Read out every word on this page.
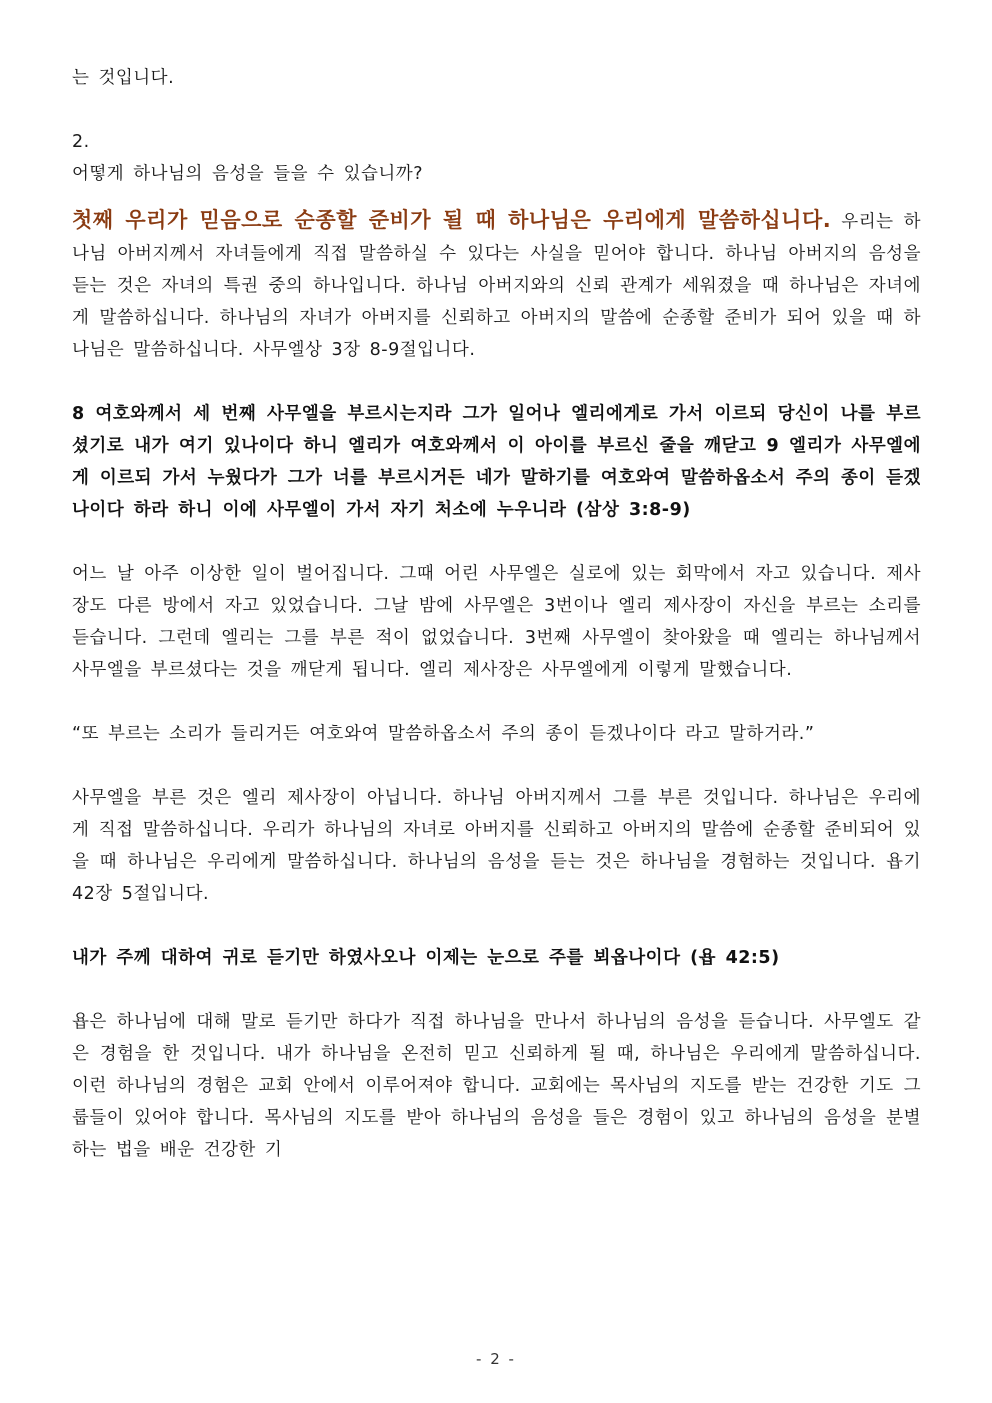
는 것입니다.

2.

어떻게 하나님의 음성을 들을 수 있습니까?

첫째 우리가 믿음으로 순종할 준비가 될 때 하나님은 우리에게 말씀하십니다. 우리는 하나님 아버지께서 자녀들에게 직접 말씀하실 수 있다는 사실을 믿어야 합니다. 하나님 아버지의 음성을 듣는 것은 자녀의 특권 중의 하나입니다. 하나님 아버지와의 신뢰 관계가 세워졌을 때 하나님은 자녀에게 말씀하십니다. 하나님의 자녀가 아버지를 신뢰하고 아버지의 말씀에 순종할 준비가 되어 있을 때 하나님은 말씀하십니다. 사무엘상 3장 8-9절입니다.

8 여호와께서 세 번째 사무엘을 부르시는지라 그가 일어나 엘리에게로 가서 이르되 당신이 나를 부르셨기로 내가 여기 있나이다 하니 엘리가 여호와께서 이 아이를 부르신 줄을 깨닫고 9 엘리가 사무엘에게 이르되 가서 누웠다가 그가 너를 부르시거든 네가 말하기를 여호와여 말씀하옵소서 주의 종이 듣겠나이다 하라 하니 이에 사무엘이 가서 자기 처소에 누우니라 (삼상 3:8-9)

어느 날 아주 이상한 일이 벌어집니다. 그때 어린 사무엘은 실로에 있는 회막에서 자고 있습니다. 제사장도 다른 방에서 자고 있었습니다. 그날 밤에 사무엘은 3번이나 엘리 제사장이 자신을 부르는 소리를 듣습니다. 그런데 엘리는 그를 부른 적이 없었습니다. 3번째 사무엘이 찾아왔을 때 엘리는 하나님께서 사무엘을 부르셨다는 것을 깨닫게 됩니다. 엘리 제사장은 사무엘에게 이렇게 말했습니다.

“또 부르는 소리가 들리거든 여호와여 말씀하옵소서 주의 종이 듣겠나이다 라고 말하거라.”

사무엘을 부른 것은 엘리 제사장이 아닙니다. 하나님 아버지께서 그를 부른 것입니다. 하나님은 우리에게 직접 말씀하십니다. 우리가 하나님의 자녀로 아버지를 신뢰하고 아버지의 말씀에 순종할 준비되어 있을 때 하나님은 우리에게 말씀하십니다. 하나님의 음성을 듣는 것은 하나님을 경험하는 것입니다. 욥기 42장 5절입니다.

내가 주께 대하여 귀로 듣기만 하였사오나 이제는 눈으로 주를 뵈옵나이다 (욥 42:5)

욥은 하나님에 대해 말로 듣기만 하다가 직접 하나님을 만나서 하나님의 음성을 듣습니다. 사무엘도 같은 경험을 한 것입니다. 내가 하나님을 온전히 믿고 신뢰하게 될 때, 하나님은 우리에게 말씀하십니다. 이런 하나님의 경험은 교회 안에서 이루어져야 합니다. 교회에는 목사님의 지도를 받는 건강한 기도 그룹들이 있어야 합니다. 목사님의 지도를 받아 하나님의 음성을 들은 경험이 있고 하나님의 음성을 분별하는 법을 배운 건강한 기

- 2 -
